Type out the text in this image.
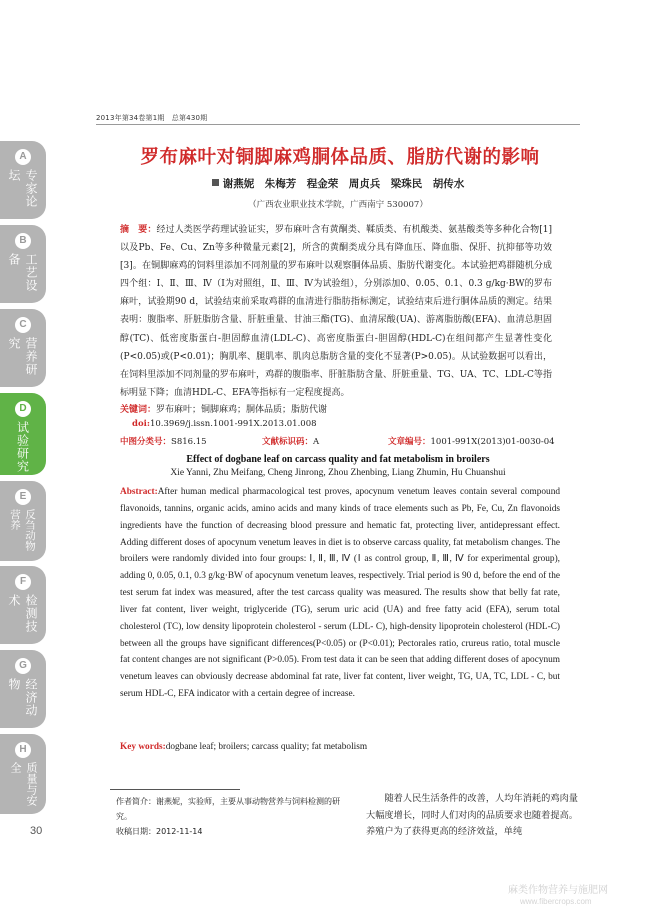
A
专家论坛
B
工艺设备
C
营养研究
D
试验研究
E
反刍动物营养
F
检测技术
G
经济动物
H
质量与安全
30
2013年第34卷第1期　总第430期
罗布麻叶对铜脚麻鸡胴体品质、脂肪代谢的影响
谢燕妮　朱梅芳　程金荣　周贞兵　梁珠民　胡传水
（广西农业职业技术学院，广西南宁 530007）
摘　要：经过人类医学药理试验证实，罗布麻叶含有黄酮类、鞣质类、有机酸类、氨基酸类等多种化合物[1]以及Pb、Fe、Cu、Zn等多种微量元素[2]，所含的黄酮类成分具有降血压、降血脂、保肝、抗抑郁等功效[3]。在铜脚麻鸡的饲料里添加不同剂量的罗布麻叶以观察胴体品质、脂肪代谢变化。本试验把鸡群随机分成四个组：Ⅰ、Ⅱ、Ⅲ、Ⅳ（Ⅰ为对照组，Ⅱ、Ⅲ、Ⅳ为试验组），分别添加0、0.05、0.1、0.3 g/kg·BW的罗布麻叶，试验期90 d，试验结束前采取鸡群的血清进行脂肪指标测定，试验结束后进行胴体品质的测定。结果表明：腹脂率、肝脏脂肪含量、肝脏重量、甘油三酯(TG)、血清尿酸(UA)、游离脂肪酸(EFA)、血清总胆固醇(TC)、低密度脂蛋白-胆固醇血清(LDL-C)、高密度脂蛋白-胆固醇(HDL-C)在组间都产生显著性变化(P<0.05)或(P<0.01)；胸肌率、腿肌率、肌肉总脂肪含量的变化不显著(P>0.05)。从试验数据可以看出，在饲料里添加不同剂量的罗布麻叶，鸡群的腹脂率、肝脏脂肪含量、肝脏重量、TG、UA、TC、LDL-C等指标明显下降；血清HDL-C、EFA等指标有一定程度提高。
关键词：罗布麻叶；铜脚麻鸡；胴体品质；脂肪代谢
doi:10.3969/j.issn.1001-991X.2013.01.008
中图分类号：S816.15	文献标识码：A	文章编号：1001-991X(2013)01-0030-04
Effect of dogbane leaf on carcass quality and fat metabolism in broilers
Xie Yanni, Zhu Meifang, Cheng Jinrong, Zhou Zhenbing, Liang Zhumin, Hu Chuanshui
Abstract:After human medical pharmacological test proves, apocynum venetum leaves contain several compound flavonoids, tannins, organic acids, amino acids and many kinds of trace elements such as Pb, Fe, Cu, Zn flavonoids ingredients have the function of decreasing blood pressure and hematic fat, protecting liver, antidepressant effect. Adding different doses of apocynum venetum leaves in diet is to observe carcass quality, fat metabolism changes. The broilers were randomly divided into four groups: Ⅰ, Ⅱ, Ⅲ, Ⅳ (Ⅰ as control group, Ⅱ, Ⅲ, Ⅳ for experimental group), adding 0, 0.05, 0.1, 0.3 g/kg·BW of apocynum venetum leaves, respectively. Trial period is 90 d, before the end of the test serum fat index was measured, after the test carcass quality was measured. The results show that belly fat rate, liver fat content, liver weight, triglyceride (TG), serum uric acid (UA) and free fatty acid (EFA), serum total cholesterol (TC), low density lipoprotein cholesterol - serum (LDL- C), high-density lipoprotein cholesterol (HDL-C) between all the groups have significant differences(P<0.05) or (P<0.01); Pectorales ratio, crureus ratio, total muscle fat content changes are not significant (P>0.05). From test data it can be seen that adding different doses of apocynum venetum leaves can obviously decrease abdominal fat rate, liver fat content, liver weight, TG, UA, TC, LDL - C, but serum HDL-C, EFA indicator with a certain degree of increase.
Key words:dogbane leaf; broilers; carcass quality; fat metabolism
作者简介：谢燕妮，实验师，主要从事动物营养与饲料检测的研究。
收稿日期：2012-11-14
　　随着人民生活条件的改善，人均年消耗的鸡肉量大幅度增长，同时人们对肉的品质要求也随着提高。养殖户为了获得更高的经济效益，单纯
麻类作物营养与施肥网
www.fibercrops.com
